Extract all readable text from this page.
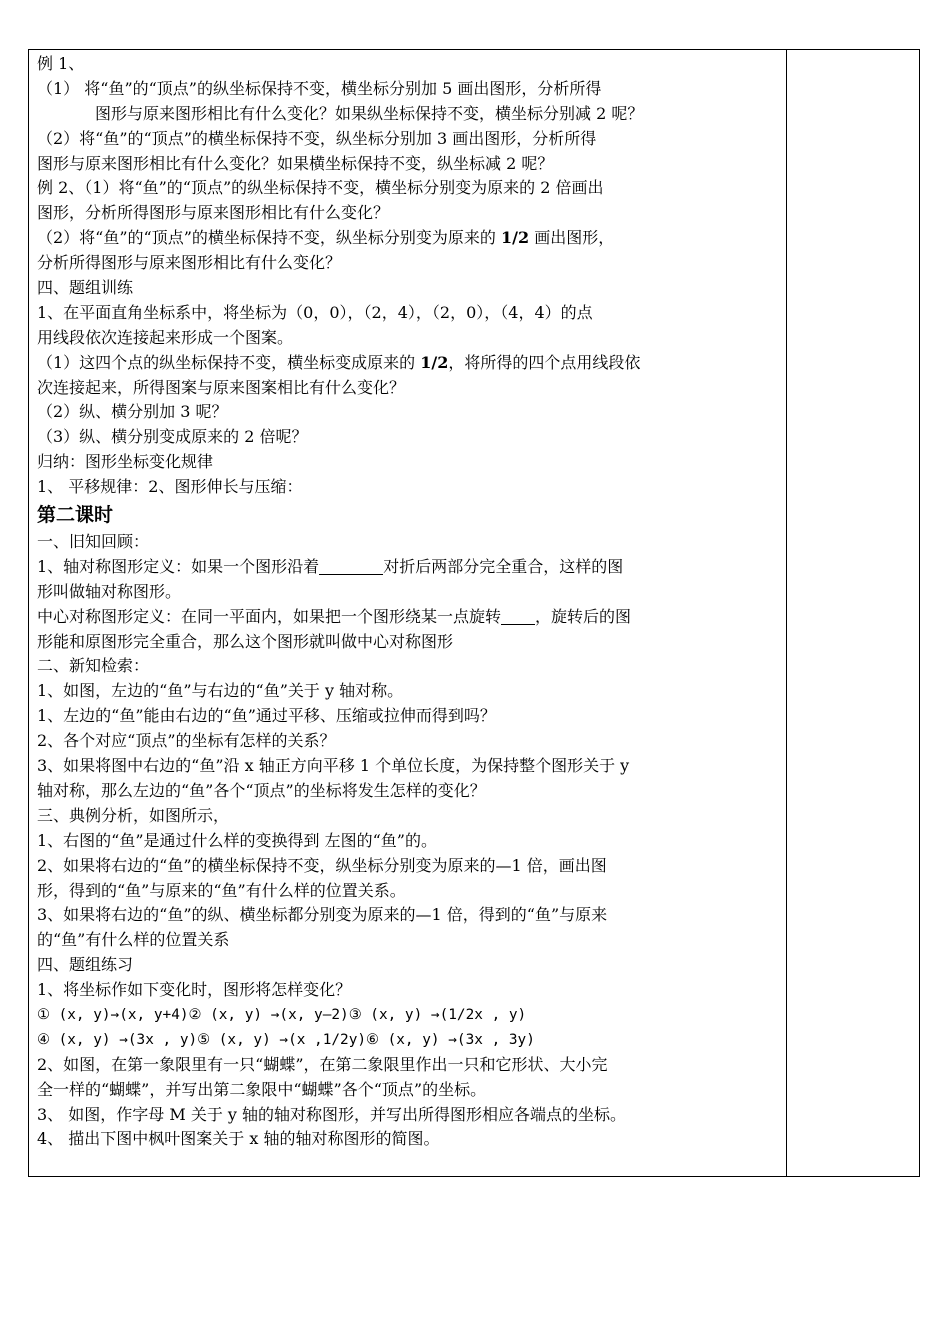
例 1、
（1） 将“鱼”的“顶点”的纵坐标保持不变，横坐标分别加 5 画出图形，分析所得
图形与原来图形相比有什么变化？如果纵坐标保持不变，横坐标分别减 2 呢？
（2）将“鱼”的“顶点”的横坐标保持不变，纵坐标分别加 3 画出图形，分析所得
图形与原来图形相比有什么变化？如果横坐标保持不变，纵坐标减 2 呢？
例 2、（1）将“鱼”的“顶点”的纵坐标保持不变，横坐标分别变为原来的 2 倍画出
图形，分析所得图形与原来图形相比有什么变化？
（2）将“鱼”的“顶点”的横坐标保持不变，纵坐标分别变为原来的 1/2 画出图形，
分析所得图形与原来图形相比有什么变化？
四、题组训练
1、在平面直角坐标系中，将坐标为（0，0），（2，4），（2，0），（4，4）的点
用线段依次连接起来形成一个图案。
（1）这四个点的纵坐标保持不变，横坐标变成原来的 1/2，将所得的四个点用线段依
次连接起来，所得图案与原来图案相比有什么变化？
（2）纵、横分别加 3 呢？
（3）纵、横分别变成原来的 2 倍呢？
归纳：图形坐标变化规律
1、 平移规律：2、图形伸长与压缩：
第二课时
一、旧知回顾：
1、轴对称图形定义：如果一个图形沿着	对折后两部分完全重合，这样的图
形叫做轴对称图形。
中心对称图形定义：在同一平面内，如果把一个图形绕某一点旋转 ，旋转后的图
形能和原图形完全重合，那么这个图形就叫做中心对称图形
二、新知检索：
1、如图，左边的“鱼”与右边的“鱼”关于 y 轴对称。
1、左边的“鱼”能由右边的“鱼”通过平移、压缩或拉伸而得到吗？
2、各个对应“顶点”的坐标有怎样的关系？
3、如果将图中右边的“鱼”沿 x 轴正方向平移 1 个单位长度，为保持整个图形关于 y
轴对称，那么左边的“鱼”各个“顶点”的坐标将发生怎样的变化？
三、典例分析，如图所示，
1、右图的“鱼”是通过什么样的变换得到 左图的“鱼”的。
2、如果将右边的“鱼”的横坐标保持不变，纵坐标分别变为原来的—1 倍，画出图
形，得到的“鱼”与原来的“鱼”有什么样的位置关系。
3、如果将右边的“鱼”的纵、横坐标都分别变为原来的—1 倍，得到的“鱼”与原来
的“鱼”有什么样的位置关系
四、题组练习
1、将坐标作如下变化时，图形将怎样变化？
① (x, y)→(x, y+4)② (x, y) →(x, y—2)③ (x, y) →(1/2x , y)
④ (x, y) →(3x , y)⑤ (x, y) →(x ,1/2y)⑥ (x, y) →(3x , 3y)
2、如图，在第一象限里有一只“蝴蝶”，在第二象限里作出一只和它形状、大小完
全一样的“蝴蝶”，并写出第二象限中“蝴蝶”各个“顶点”的坐标。
3、 如图，作字母 M 关于 y 轴的轴对称图形，并写出所得图形相应各端点的坐标。
4、 描出下图中枫叶图案关于 x 轴的轴对称图形的简图。
